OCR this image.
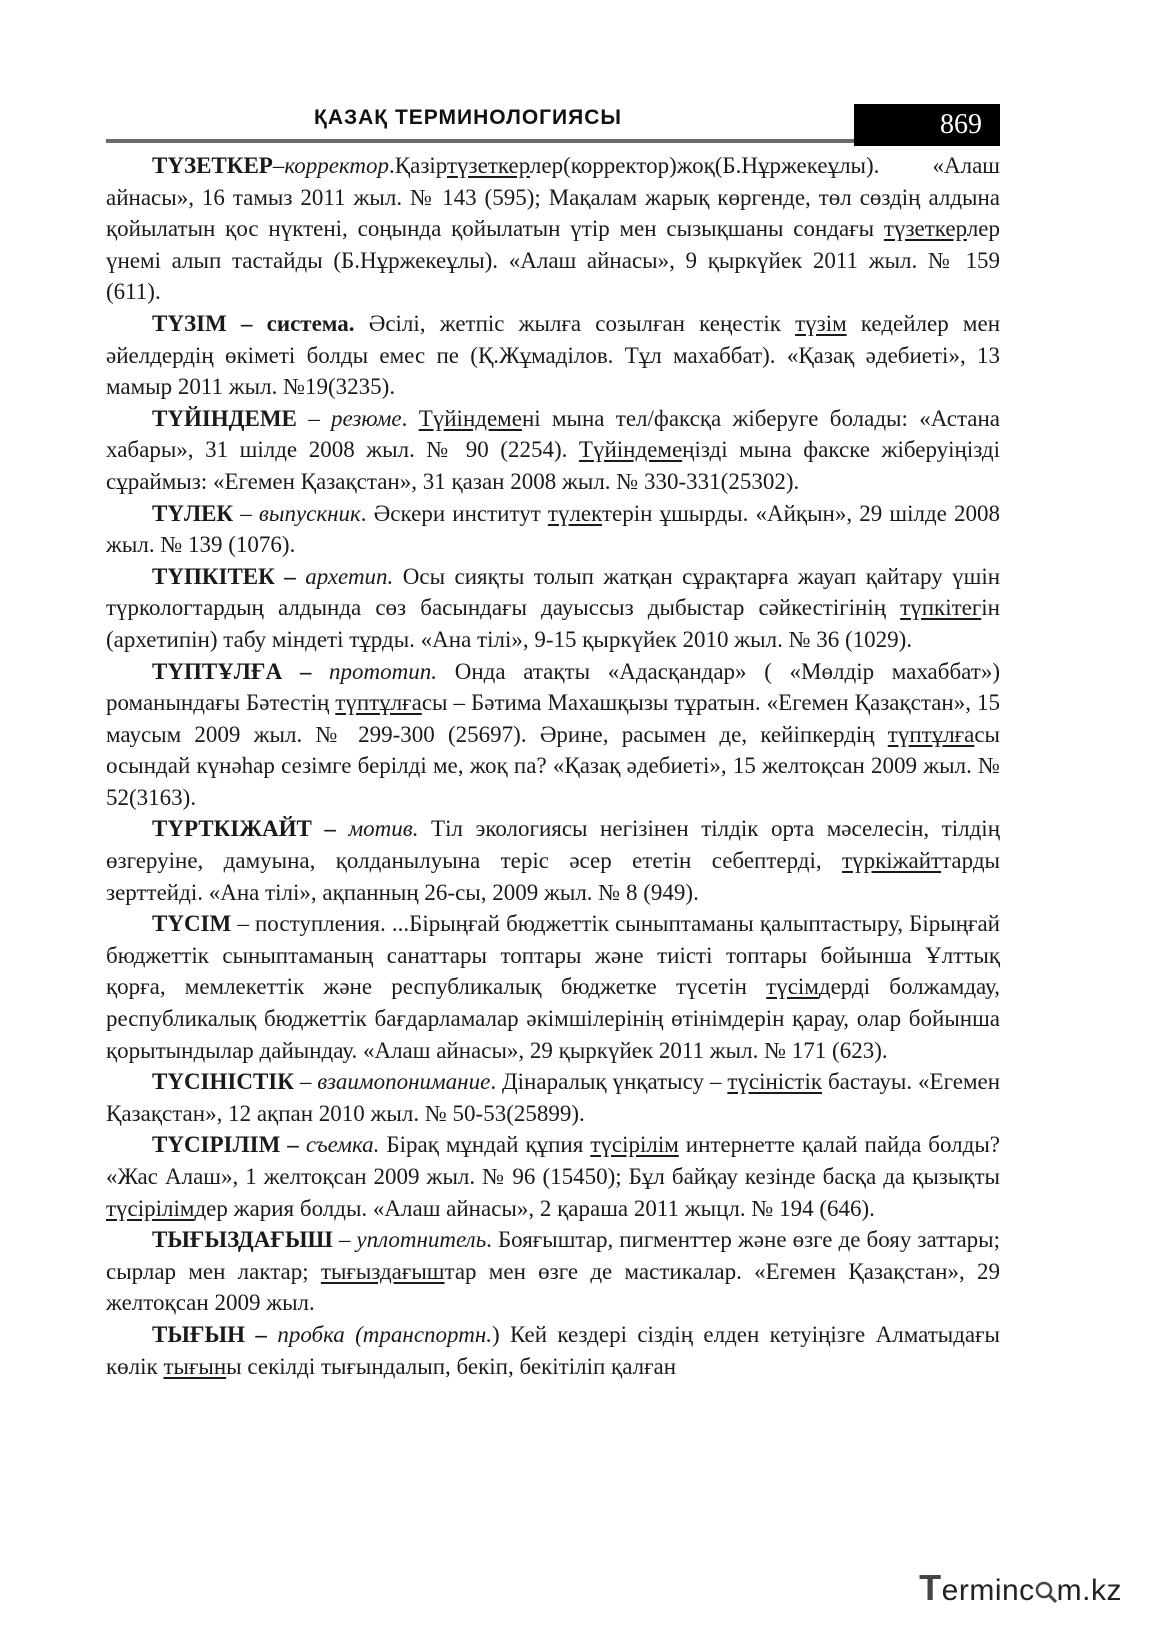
ҚАЗАҚ ТЕРМИНОЛОГИЯСЫ	869

ТҮЗЕТКЕР–корректор.Қазіртүзеткерлер(корректор)жоқ(Б.Нұржекеұлы). «Алаш айнасы», 16 тамыз 2011 жыл. № 143 (595); Мақалам жарық көргенде, төл сөздің алдына қойылатын қос нүктені, соңында қойылатын үтір мен сызықшаны сондағы түзеткерлер үнемі алып тастайды (Б.Нұржекеұлы). «Алаш айнасы», 9 қыркүйек 2011 жыл. № 159 (611).

ТҮЗІМ – система. Әсілі, жетпіс жылға созылған кеңестік түзім кедейлер мен әйелдердің өкіметі болды емес пе (Қ.Жұмаділов. Тұл махаббат). «Қазақ әдебиеті», 13 мамыр 2011 жыл. №19(3235).

ТҮЙІНДЕМЕ – резюме. Түйіндемені мына тел/факсқа жіберуге болады: «Астана хабары», 31 шілде 2008 жыл. № 90 (2254). Түйіндемеңізді мына факске жіберуіңізді сұраймыз: «Егемен Қазақстан», 31 қазан 2008 жыл. № 330-331(25302).

ТҮЛЕК – выпускник. Әскери институт түлектерін ұшырды. «Айқын», 29 шілде 2008 жыл. № 139 (1076).

ТҮПКІТЕК – архетип. Осы сияқты толып жатқан сұрақтарға жауап қайтару үшін түркологтардың алдында сөз басындағы дауыссыз дыбыстар сәйкестігінің түпкітегін (архетипін) табу міндеті тұрды. «Ана тілі», 9-15 қыркүйек 2010 жыл. № 36 (1029).

ТҮПТҰЛҒА – прототип. Онда атақты «Адасқандар» ( «Мөлдір махаббат») романындағы Бәтестің түптұлғасы – Бәтима Махашқызы тұратын. «Егемен Қазақстан», 15 маусым 2009 жыл. № 299-300 (25697). Әрине, расымен де, кейіпкердің түптұлғасы осындай күнәһар сезімге берілді ме, жоқ па? «Қазақ әдебиеті», 15 желтоқсан 2009 жыл. № 52(3163).

ТҮРТКІЖАЙТ – мотив. Тіл экологиясы негізінен тілдік орта мәселесін, тілдің өзгеруіне, дамуына, қолданылуына теріс әсер ететін себептерді, түркіжайттарды зерттейді. «Ана тілі», ақпанның 26-сы, 2009 жыл. № 8 (949).

ТҮСІМ – поступления. ...Бірыңғай бюджеттік сыныптаманы қалыптастыру, Бірыңғай бюджеттік сыныптаманың санаттары топтары және тиісті топтары бойынша Ұлттық қорға, мемлекеттік және республикалық бюджетке түсетін түсімдерді болжамдау, республикалық бюджеттік бағдарламалар әкімшілерінің өтінімдерін қарау, олар бойынша қорытындылар дайындау. «Алаш айнасы», 29 қыркүйек 2011 жыл. № 171 (623).

ТҮСІНІСТІК – взаимопонимание. Дінаралық үнқатысу – түсіністік бастауы. «Егемен Қазақстан», 12 ақпан 2010 жыл. № 50-53(25899).

ТҮСІРІЛІМ – съемка. Бірақ мұндай құпия түсірілім интернетте қалай пайда болды? «Жас Алаш», 1 желтоқсан 2009 жыл. № 96 (15450); Бұл байқау кезінде басқа да қызықты түсірілімдер жария болды. «Алаш айнасы», 2 қараша 2011 жыцл. № 194 (646).

ТЫҒЫЗДАҒЫШ – уплотнитель. Бояғыштар, пигменттер және өзге де бояу заттары; сырлар мен лактар; тығыздағыштар мен өзге де мастикалар. «Егемен Қазақстан», 29 желтоқсан 2009 жыл.

ТЫҒЫН – пробка (транспортн.) Кей кездері сіздің елден кетуіңізге Алматыдағы көлік тығыны секілді тығындалып, бекіп, бекітіліп қалған

Terminc m.kz
